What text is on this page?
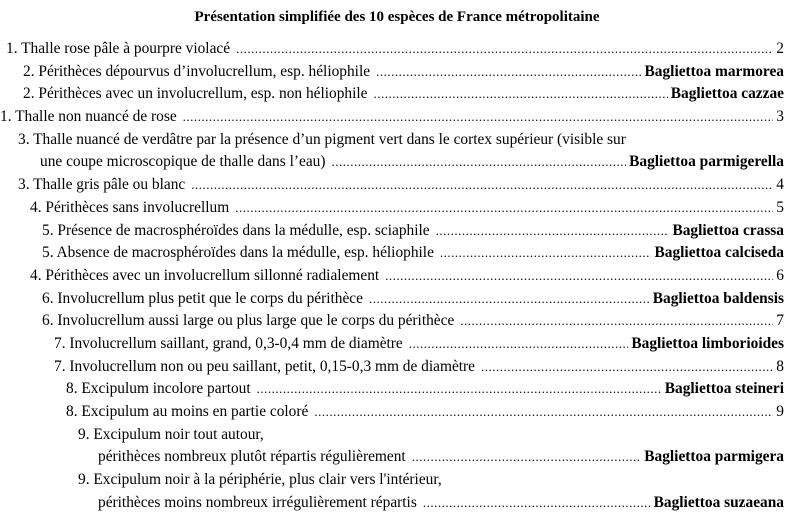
Présentation simplifiée des 10 espèces de France métropolitaine
1. Thalle rose pâle à pourpre violacé .....	2
2. Périthèces dépourvus d’involucrellum, esp. héliophile .....	Bagliettoa marmorea
2. Périthèces avec un involucrellum, esp. non héliophile .....	Bagliettoa cazzae
1. Thalle non nuancé de rose .....	3
3. Thalle nuancé de verdâtre par la présence d’un pigment vert dans le cortex supérieur (visible sur
une coupe microscopique de thalle dans l’eau) .....	Bagliettoa parmigerella
3. Thalle gris pâle ou blanc .....	4
4. Périthèces sans involucrellum .....	5
5. Présence de macrosphéroïdes dans la médulle, esp. sciaphile .....	Bagliettoa crassa
5. Absence de macrosphéroïdes dans la médulle, esp. héliophile .....	Bagliettoa calciseda
4. Périthèces avec un involucrellum sillonné radialement .....	6
6. Involucrellum plus petit que le corps du périthèce .....	Bagliettoa baldensis
6. Involucrellum aussi large ou plus large que le corps du périthèce .....	7
7. Involucrellum saillant, grand, 0,3-0,4 mm de diamètre .....	Bagliettoa limborioides
7. Involucrellum non ou peu saillant, petit, 0,15-0,3 mm de diamètre .....	8
8. Excipulum incolore partout .....	Bagliettoa steineri
8. Excipulum au moins en partie coloré .....	9
9. Excipulum noir tout autour,
périthèces nombreux plutôt répartis régulièrement .....	Bagliettoa parmigera
9. Excipulum noir à la périphérie, plus clair vers l'intérieur,
périthèces moins nombreux irrégulièrement répartis .....	Bagliettoa suzaeana
